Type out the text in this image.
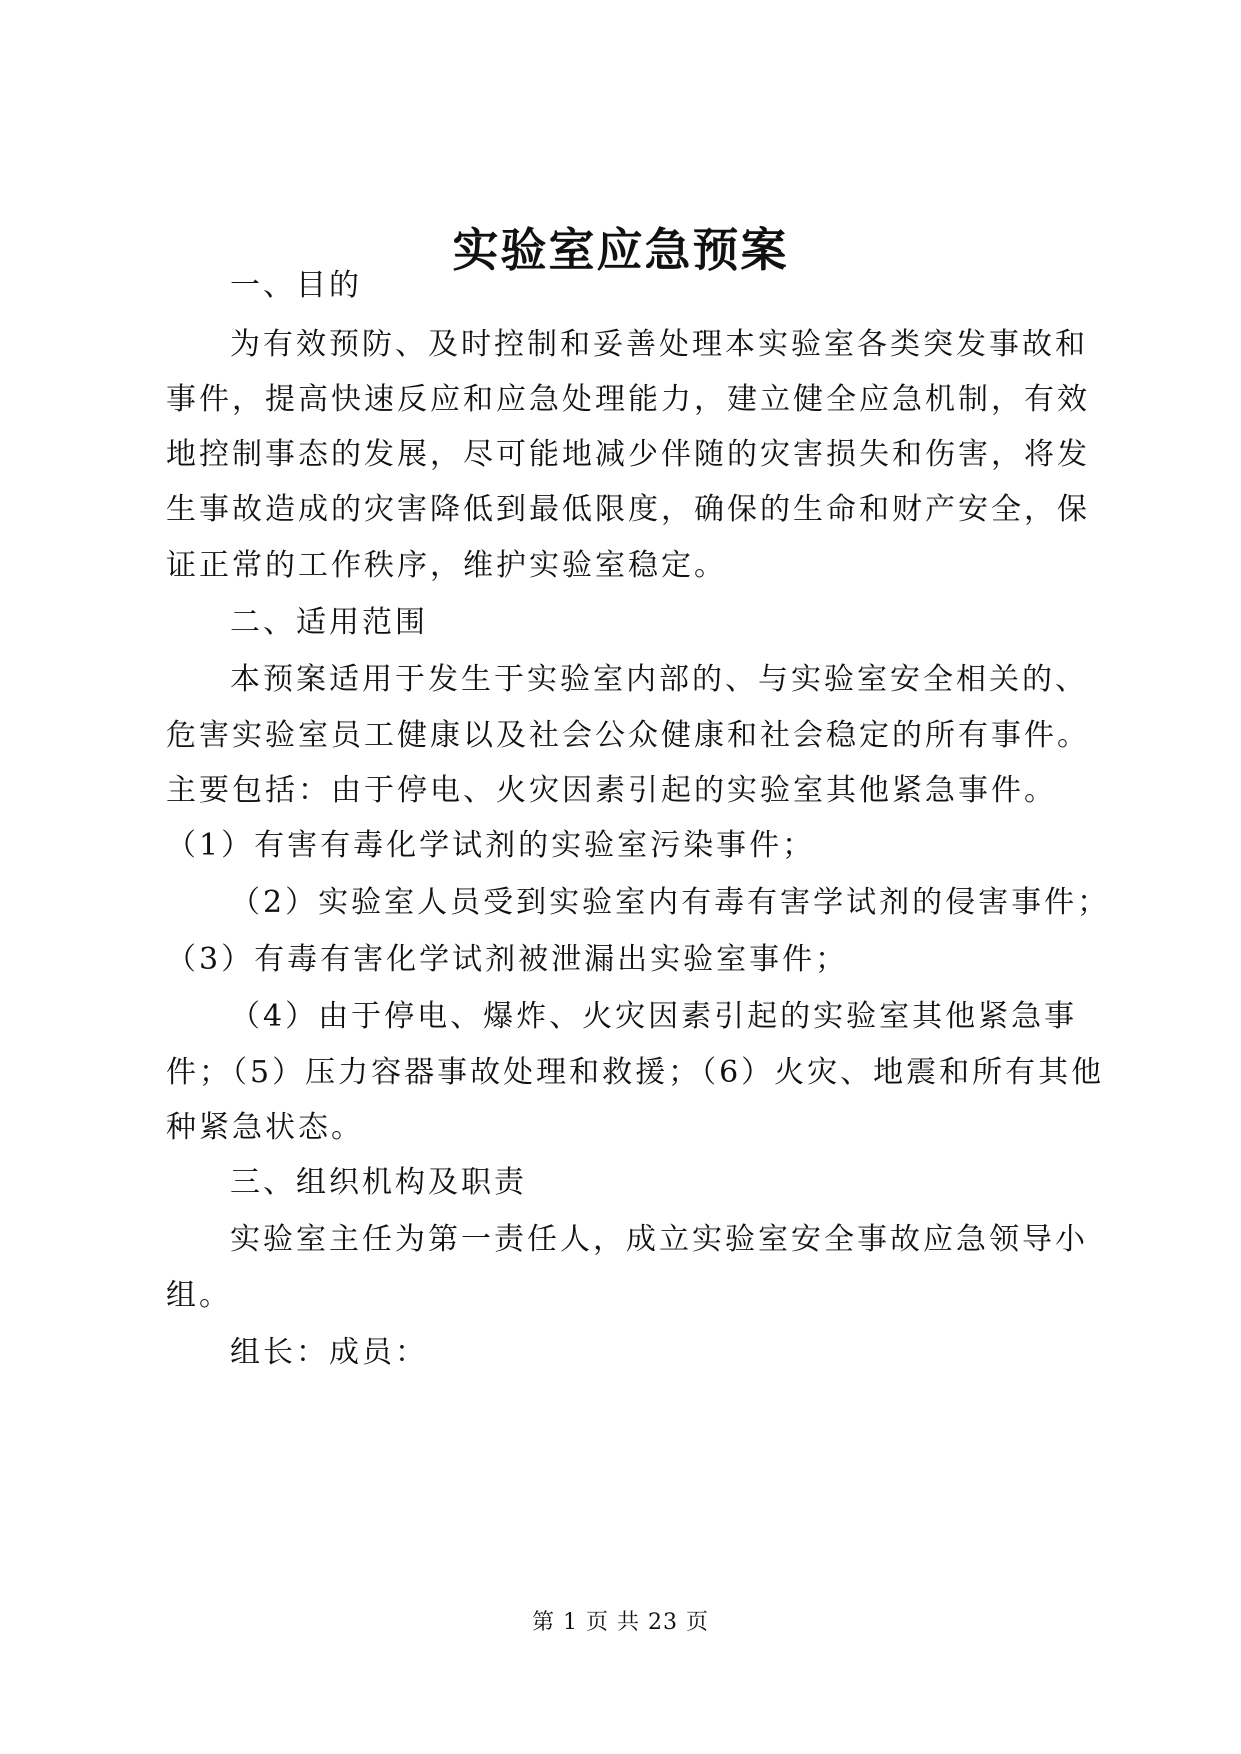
实验室应急预案
一、目的
为有效预防、及时控制和妥善处理本实验室各类突发事故和
事件，提高快速反应和应急处理能力，建立健全应急机制，有效
地控制事态的发展，尽可能地减少伴随的灾害损失和伤害，将发
生事故造成的灾害降低到最低限度，确保的生命和财产安全，保
证正常的工作秩序，维护实验室稳定。
二、适用范围
本预案适用于发生于实验室内部的、与实验室安全相关的、
危害实验室员工健康以及社会公众健康和社会稳定的所有事件。
主要包括：由于停电、火灾因素引起的实验室其他紧急事件。
（1）有害有毒化学试剂的实验室污染事件；
（2）实验室人员受到实验室内有毒有害学试剂的侵害事件；
（3）有毒有害化学试剂被泄漏出实验室事件；
（4）由于停电、爆炸、火灾因素引起的实验室其他紧急事
件；（5）压力容器事故处理和救援；（6）火灾、地震和所有其他
种紧急状态。
三、组织机构及职责
实验室主任为第一责任人，成立实验室安全事故应急领导小
组。
组长：成员：
第 1 页 共 23 页
